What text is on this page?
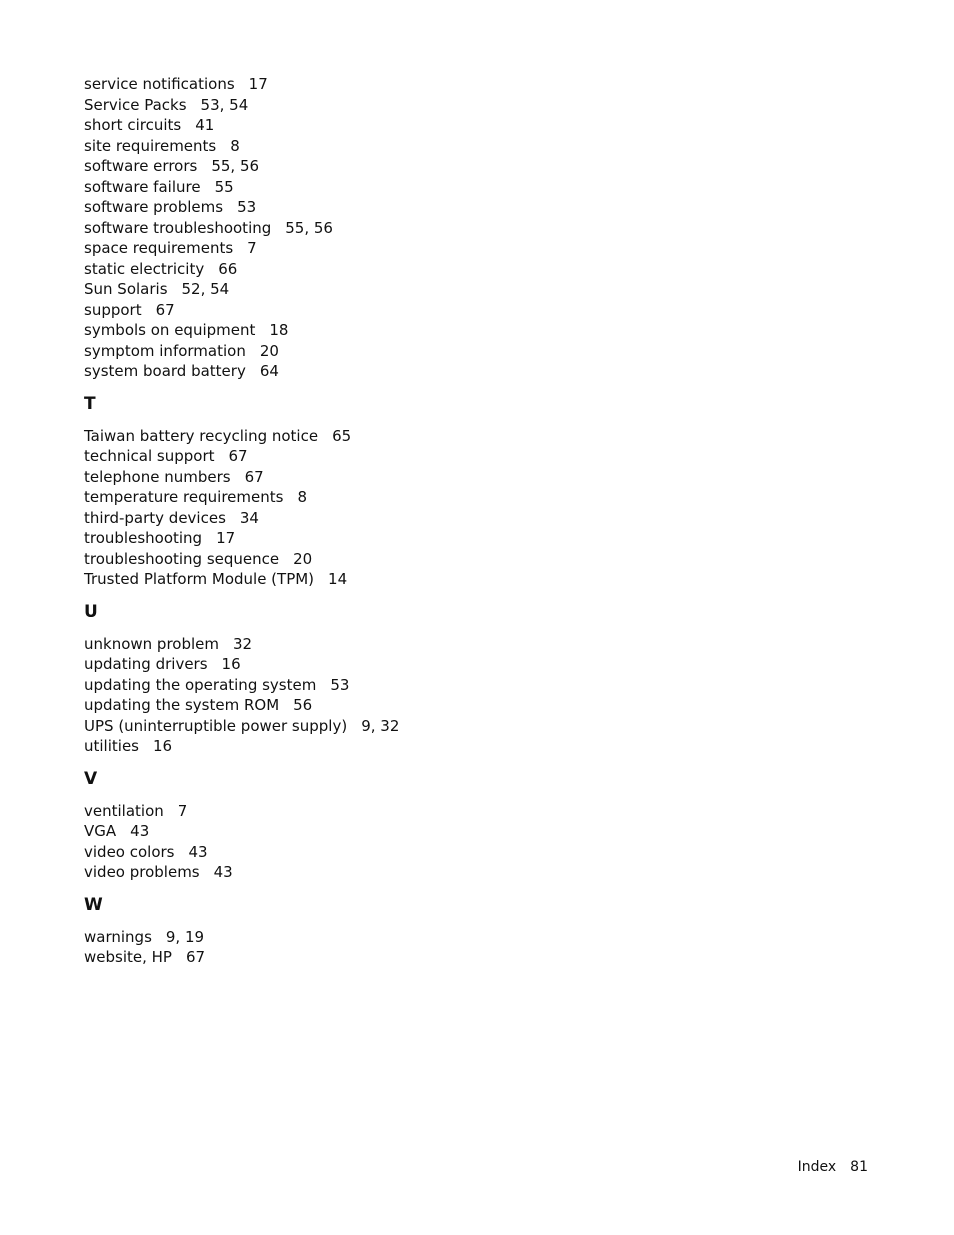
service notifications 17
Service Packs 53, 54
short circuits 41
site requirements 8
software errors 55, 56
software failure 55
software problems 53
software troubleshooting 55, 56
space requirements 7
static electricity 66
Sun Solaris 52, 54
support 67
symbols on equipment 18
symptom information 20
system board battery 64
T
Taiwan battery recycling notice 65
technical support 67
telephone numbers 67
temperature requirements 8
third-party devices 34
troubleshooting 17
troubleshooting sequence 20
Trusted Platform Module (TPM) 14
U
unknown problem 32
updating drivers 16
updating the operating system 53
updating the system ROM 56
UPS (uninterruptible power supply) 9, 32
utilities 16
V
ventilation 7
VGA 43
video colors 43
video problems 43
W
warnings 9, 19
website, HP 67
Index 81
